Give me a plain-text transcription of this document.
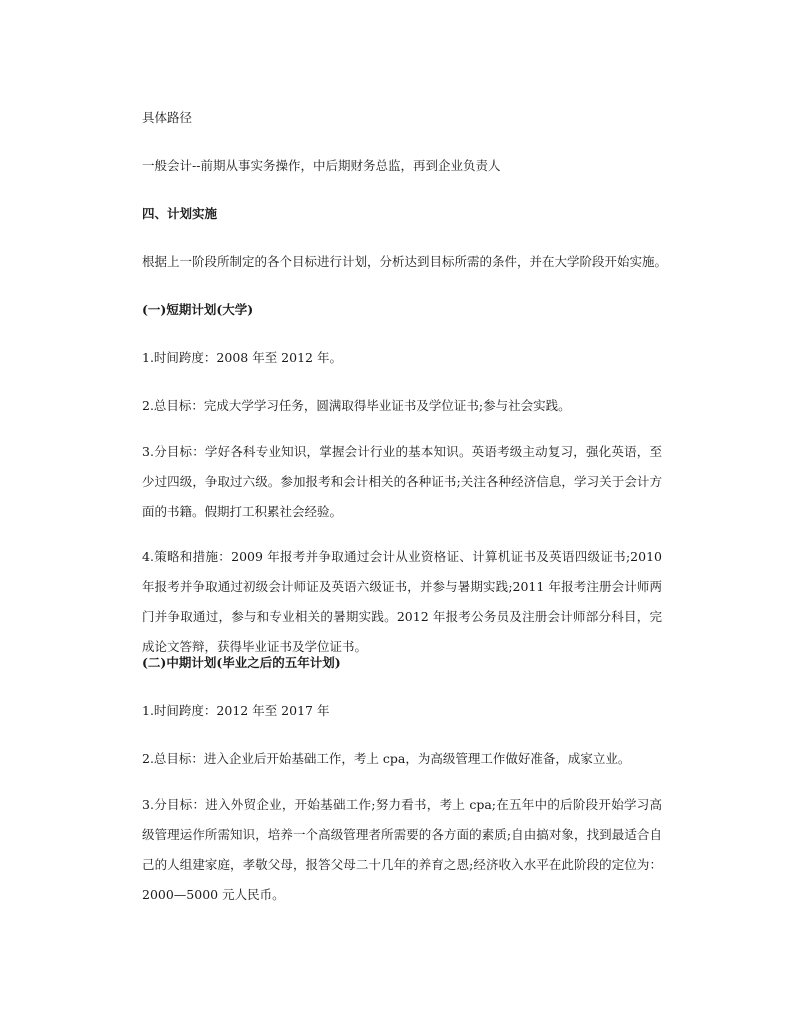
具体路径

一般会计--前期从事实务操作，中后期财务总监，再到企业负责人

四、计划实施

根据上一阶段所制定的各个目标进行计划，分析达到目标所需的条件，并在大学阶段开始实施。

(一)短期计划(大学)

1.时间跨度：2008 年至 2012 年。

2.总目标：完成大学学习任务，圆满取得毕业证书及学位证书;参与社会实践。

3.分目标：学好各科专业知识，掌握会计行业的基本知识。英语考级主动复习，强化英语，至少过四级，争取过六级。参加报考和会计相关的各种证书;关注各种经济信息，学习关于会计方面的书籍。假期打工积累社会经验。

4.策略和措施：2009 年报考并争取通过会计从业资格证、计算机证书及英语四级证书;2010 年报考并争取通过初级会计师证及英语六级证书，并参与暑期实践;2011 年报考注册会计师两门并争取通过，参与和专业相关的暑期实践。2012 年报考公务员及注册会计师部分科目，完成论文答辩，获得毕业证书及学位证书。

(二)中期计划(毕业之后的五年计划)

1.时间跨度：2012 年至 2017 年

2.总目标：进入企业后开始基础工作，考上 cpa，为高级管理工作做好准备，成家立业。

3.分目标：进入外贸企业，开始基础工作;努力看书，考上 cpa;在五年中的后阶段开始学习高级管理运作所需知识，培养一个高级管理者所需要的各方面的素质;自由搞对象，找到最适合自己的人组建家庭，孝敬父母，报答父母二十几年的养育之恩;经济收入水平在此阶段的定位为：2000—5000 元人民币。
